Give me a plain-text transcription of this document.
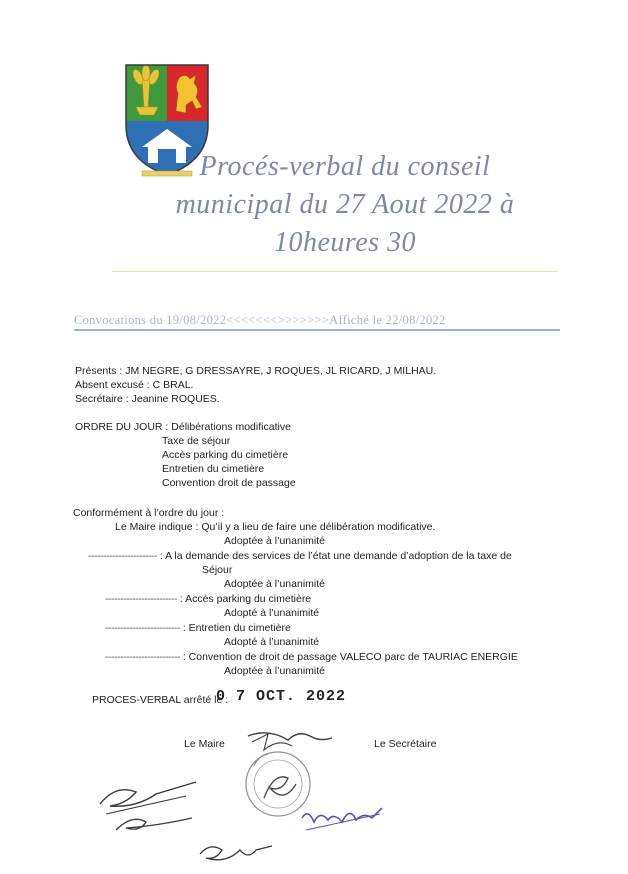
Procés-verbal du conseil
municipal du 27 Aout 2022 à
10heures 30
Convocations du 19/08/2022<<<<<<<>>>>>>>Affiché le 22/08/2022
Présents : JM NEGRE, G DRESSAYRE, J ROQUES, JL RICARD, J MILHAU.
Absent excusé : C BRAL.
Secrétaire : Jeanine ROQUES.
ORDRE DU JOUR : Délibérations modificative
Taxe de séjour
Accès parking du cimetière
Entretien du cimetière
Convention droit de passage
Conformément à l’ordre du jour :
Le Maire indique : Qu’il y a lieu de faire une délibération modificative.
Adoptée à l’unanimité
----------------------- : A la demande des services de l’état une demande d’adoption de la taxe de
Séjour
Adoptée à l’unanimité
------------------------ : Accès parking du cimetière
Adopté à l’unanimité
------------------------- : Entretien du cimetière
Adopté à l’unanimité
------------------------- : Convention de droit de passage VALECO parc de TAURIAC ENERGIE
Adoptée à l’unanimité
PROCES-VERBAL arrêté le :
0 7 OCT. 2022
Le Maire	Le Secrétaire
